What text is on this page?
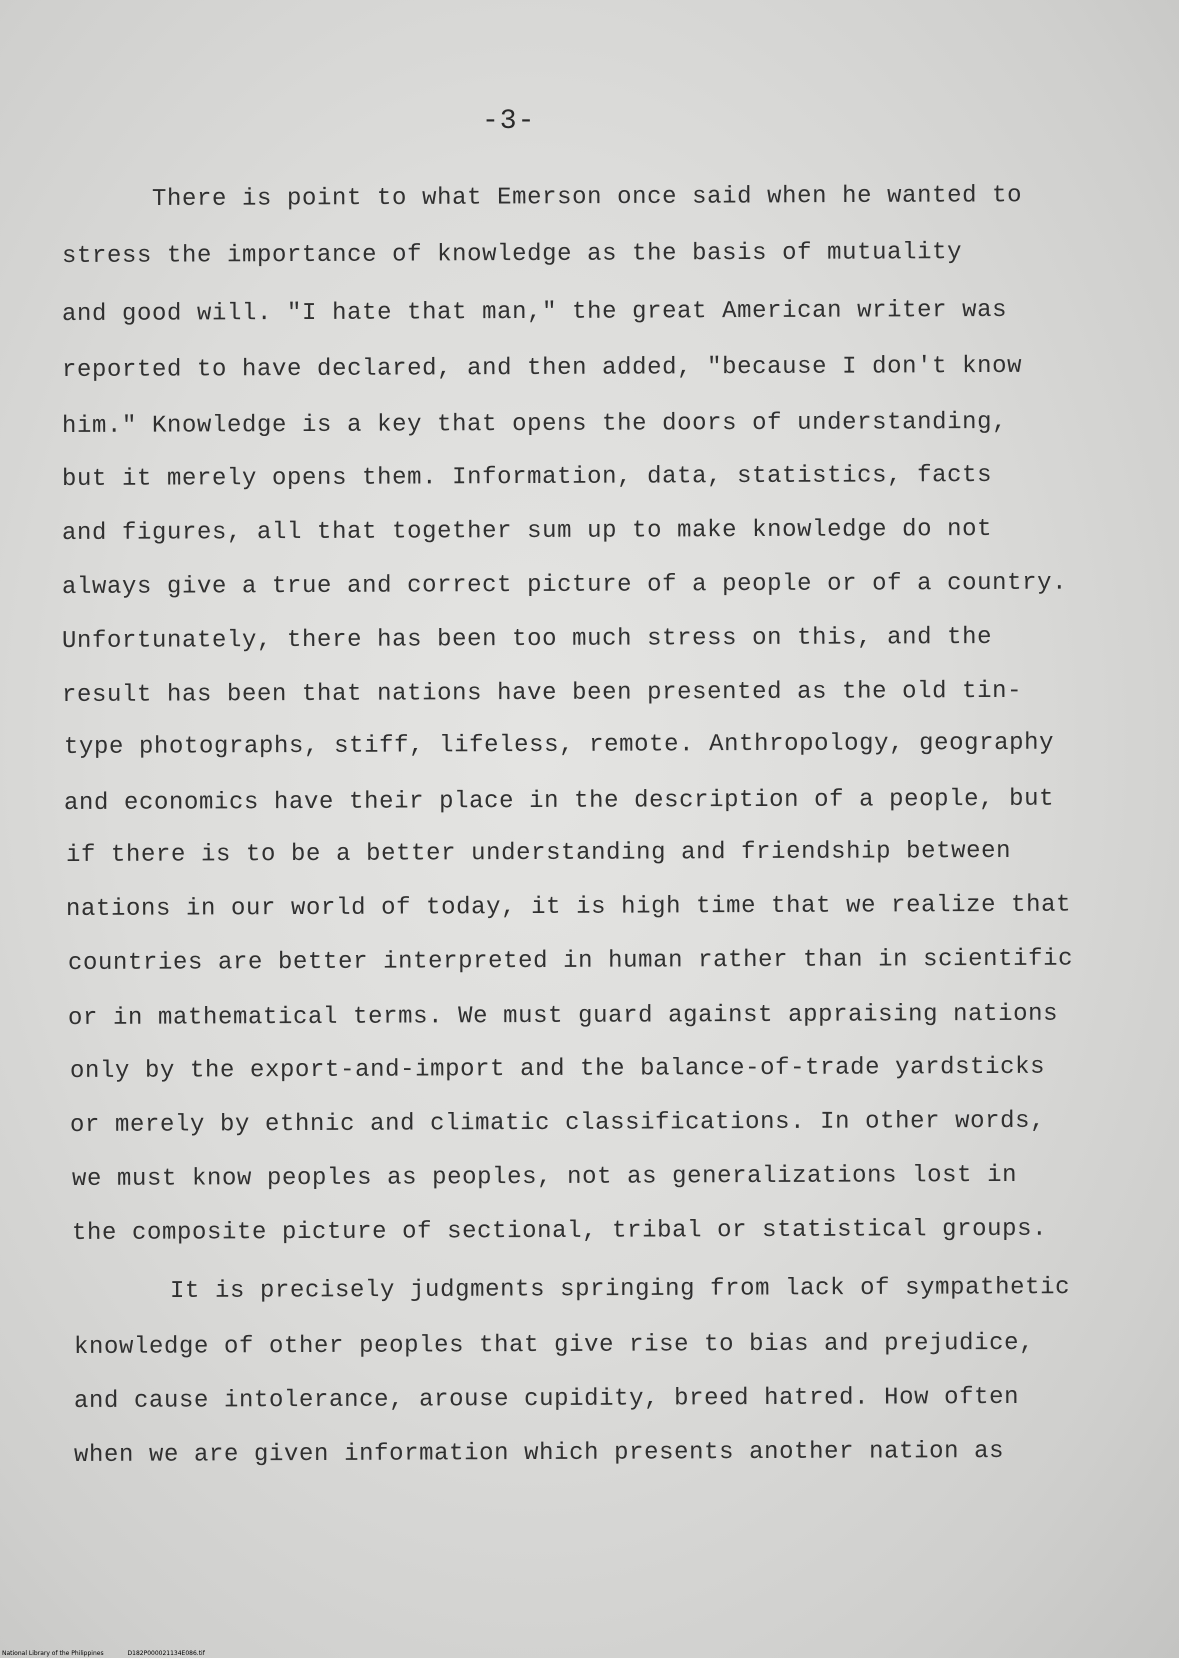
-3-
There is point to what Emerson once said when he wanted to
stress the importance of knowledge as the basis of mutuality
and good will. "I hate that man," the great American writer was
reported to have declared, and then added, "because I don't know
him." Knowledge is a key that opens the doors of understanding,
but it merely opens them. Information, data, statistics, facts
and figures, all that together sum up to make knowledge do not
always give a true and correct picture of a people or of a country.
Unfortunately, there has been too much stress on this, and the
result has been that nations have been presented as the old tin-
type photographs, stiff, lifeless, remote. Anthropology, geography
and economics have their place in the description of a people, but
if there is to be a better understanding and friendship between
nations in our world of today, it is high time that we realize that
countries are better interpreted in human rather than in scientific
or in mathematical terms. We must guard against appraising nations
only by the export-and-import and the balance-of-trade yardsticks
or merely by ethnic and climatic classifications. In other words,
we must know peoples as peoples, not as generalizations lost in
the composite picture of sectional, tribal or statistical groups.
It is precisely judgments springing from lack of sympathetic
knowledge of other peoples that give rise to bias and prejudice,
and cause intolerance, arouse cupidity, breed hatred. How often
when we are given information which presents another nation as
National Library of the Philippines	D182P000021134E086.tif
